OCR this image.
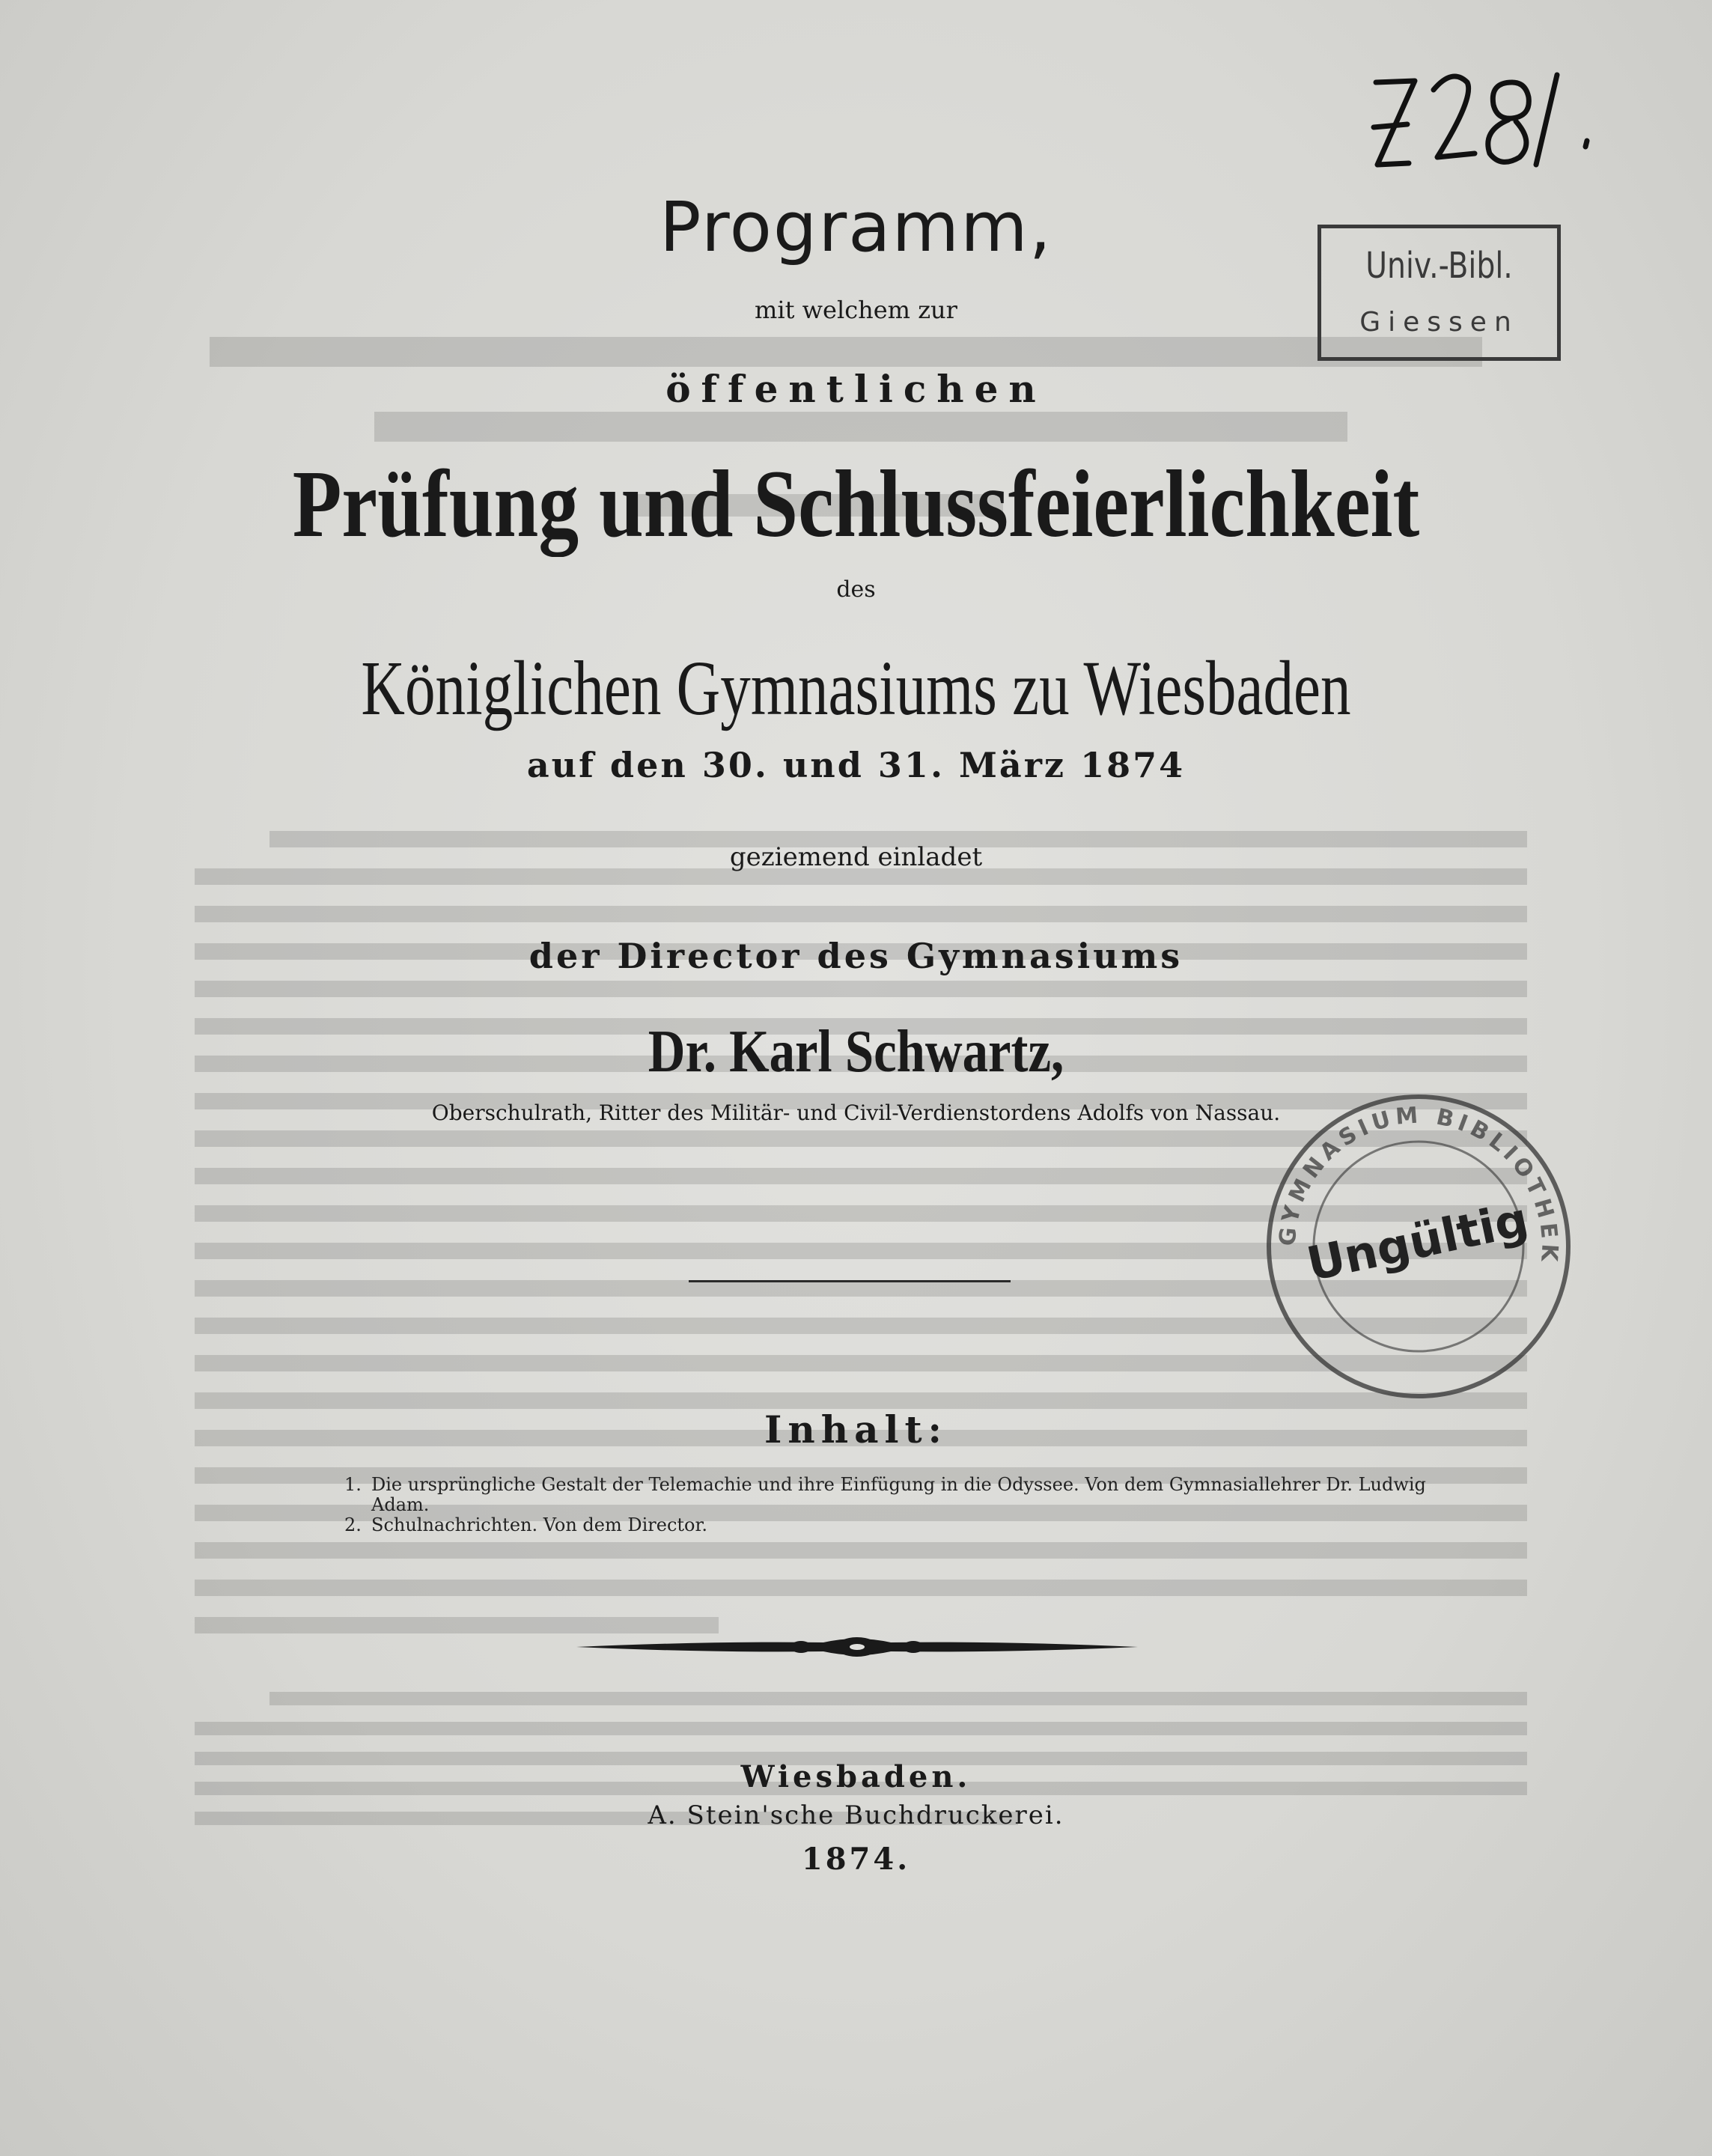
Univ.-Bibl.
Giessen
Programm,
mit welchem zur
öffentlichen
Prüfung und Schlussfeierlichkeit
des
Königlichen Gymnasiums zu Wiesbaden
auf den 30. und 31. März 1874
geziemend einladet
der Director des Gymnasiums
Dr. Karl Schwartz,
Oberschulrath, Ritter des Militär- und Civil-Verdienstordens Adolfs von Nassau.
GYMNASIUM BIBLIOTHEK
Ungültig
Inhalt:
1. Die ursprüngliche Gestalt der Telemachie und ihre Einfügung in die Odyssee. Von dem Gymnasiallehrer Dr. Ludwig Adam.
2. Schulnachrichten. Von dem Director.
Wiesbaden.
A. Stein'sche Buchdruckerei.
1874.
